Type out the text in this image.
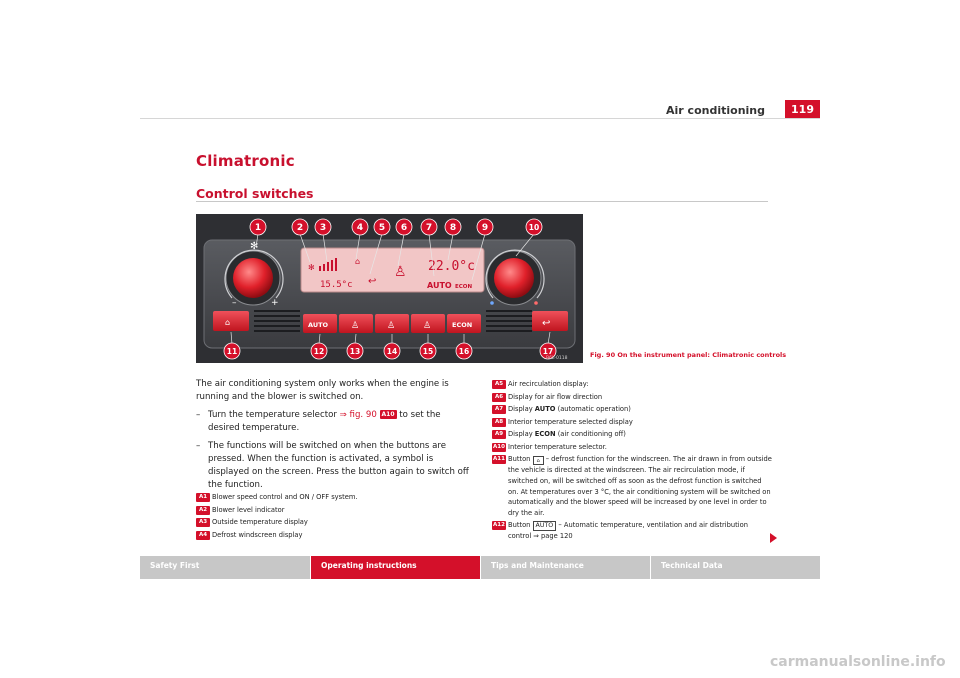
Air conditioning	119
Climatronic
Control switches
–	+
✻
✻
15.5°c
⌂
↩
♙ 22.0°c
AUTO ECON
⌂	AUTO	♙	♙	♙	ECON	↩
1	2 3	4 5 6 7 8	9	10
11	12	13	14	15	16	17
B6L-0118	Fig. 90 On the instrument panel: Climatronic controls

The air conditioning system only works when the engine is running and the blower is switched on.

– Turn the temperature selector ⇒ fig. 90 A10 to set the desired temperature.
– The functions will be switched on when the buttons are pressed. When the function is activated, a symbol is displayed on the screen. Press the button again to switch off the function.
A1 Blower speed control and ON / OFF system.
A2 Blower level indicator
A3 Outside temperature display
A4 Defrost windscreen display
A5 Air recirculation display:
A6 Display for air flow direction
A7 Display AUTO (automatic operation)
A8 Interior temperature selected display
A9 Display ECON (air conditioning off)
A10 Interior temperature selector.
A11 Button ⌂ – defrost function for the windscreen. The air drawn in from outside the vehicle is directed at the windscreen. The air recirculation mode, if switched on, will be switched off as soon as the defrost function is switched on. At temperatures over 3 °C, the air conditioning system will be switched on automatically and the blower speed will be increased by one level in order to dry the air.
A12 Button AUTO – Automatic temperature, ventilation and air distribution control ⇒ page 120
Safety First	Operating instructions	Tips and Maintenance	Technical Data
carmanualsonline.info
